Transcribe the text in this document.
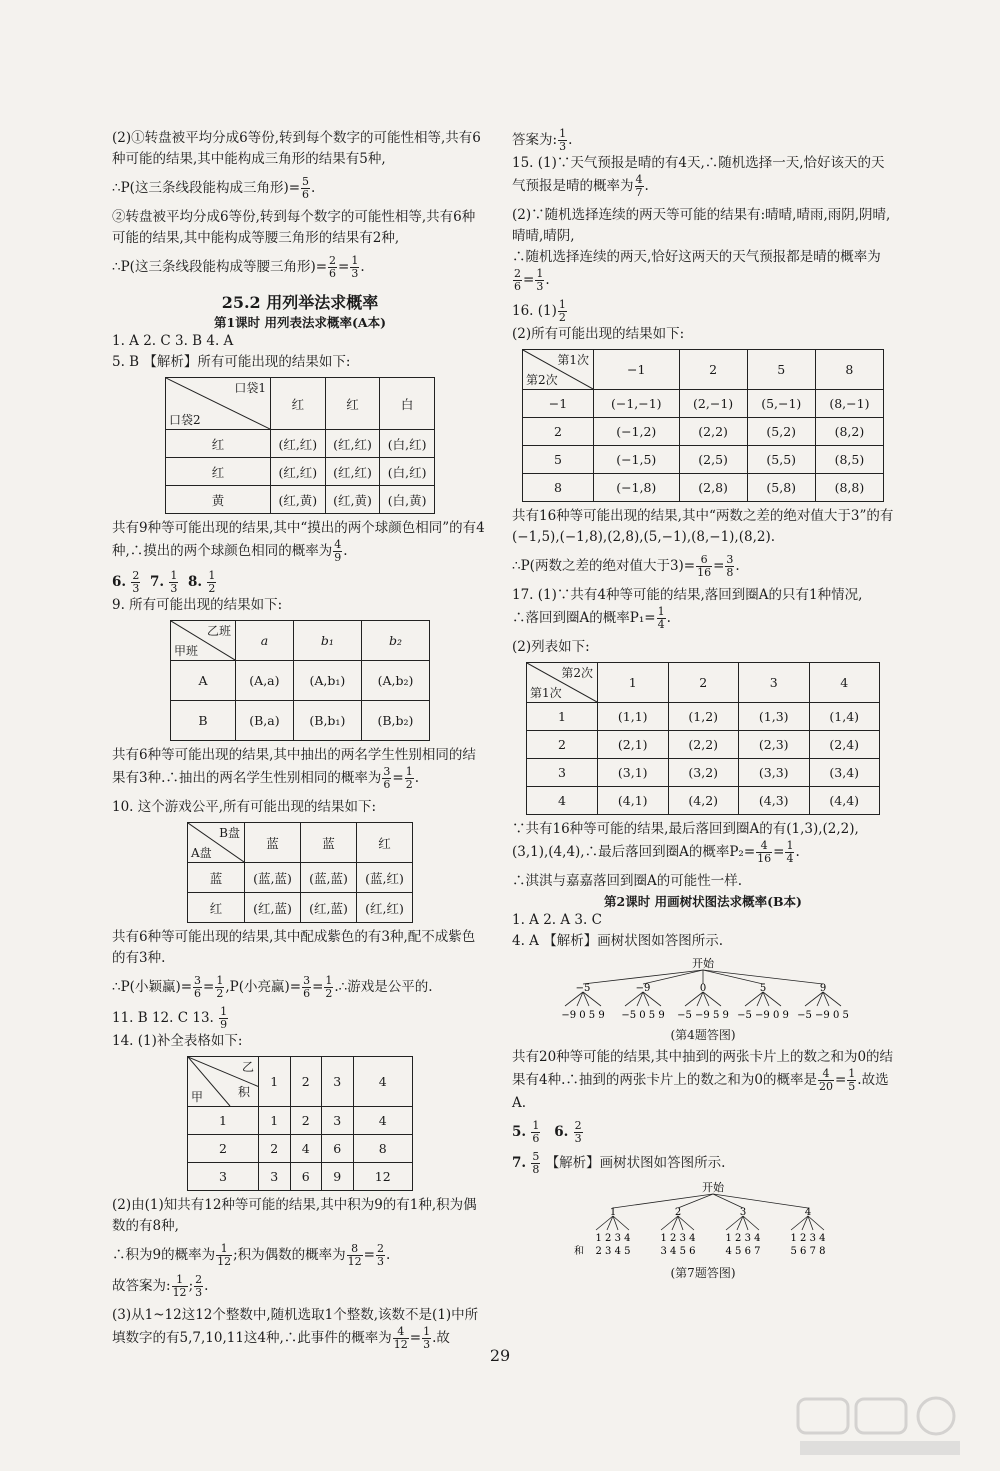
(2)①转盘被平均分成6等份,转到每个数字的可能性相等,共有6种可能的结果,其中能构成三角形的结果有5种,

∴P(这三条线段能构成三角形)= $\frac{5}{6}$ .

②转盘被平均分成6等份,转到每个数字的可能性相等,共有6种可能的结果,其中能构成等腰三角形的结果有2种,

∴P(这三条线段能构成等腰三角形)= $\frac{2}{6} = \frac{1}{3}$ .

25.2 用列举法求概率
第1课时 用列表法求概率(A本)

1. A 2. C 3. B 4. A

5. B 【解析】所有可能出现的结果如下:

口袋1
口袋2	红	红	白
红	(红,红)	(红,红)	(白,红)
红	(红,红)	(红,红)	(白,红)
黄	(红,黄)	(红,黄)	(白,黄)

共有9种等可能出现的结果,其中“摸出的两个球颜色相同”的有4种,∴摸出的两个球颜色相同的概率为 $\frac{4}{9}$ .

6. $\frac{2}{3} 7$. $\frac{1}{3} 8$. $\frac{1}{2}$

9. 所有可能出现的结果如下:

乙班
甲班	a	b₁	b₂
A	(A,a)	(A,b₁)	(A,b₂)
B	(B,a)	(B,b₁)	(B,b₂)

共有6种等可能出现的结果,其中抽出的两名学生性别相同的结果有3种.∴抽出的两名学生性别相同的概率为 $\frac{3}{6} = \frac{1}{2}$ .

10. 这个游戏公平,所有可能出现的结果如下:

B盘
A盘	蓝	蓝	红
蓝	(蓝,蓝)	(蓝,蓝)	(蓝,红)
红	(红,蓝)	(红,蓝)	(红,红)

共有6种等可能出现的结果,其中配成紫色的有3种,配不成紫色的有3种.

∴P(小颖赢)= $\frac{3}{6} = \frac{1}{2} ,P$(小亮赢)= $\frac{3}{6} = \frac{1}{2}$ .∴游戏是公平的.

11. B 12. C 13. $\frac{1}{9}$

14. (1)补全表格如下:

乙
积
甲	1	2	3	4
1	1	2	3	4
2	2	4	6	8
3	3	6	9	12

(2)由(1)知共有12种等可能的结果,其中积为9的有1种,积为偶数的有8种,

∴积为9的概率为 $\frac{1}{12}$ ;积为偶数的概率为 $\frac{8}{12} = \frac{2}{3}$ .

故答案为: $\frac{1}{12}$ ; $\frac{2}{3}$ .

(3)从1~12这12个整数中,随机选取1个整数,该数不是(1)中所填数字的有5,7,10,11这4种,∴此事件的概率为 $\frac{4}{12} = \frac{1}{3}$ .故

答案为: $\frac{1}{3}$ .

15. (1)∵天气预报是晴的有4天,∴随机选择一天,恰好该天的天气预报是晴的概率为 $\frac{4}{7}$ .

(2)∵随机选择连续的两天等可能的结果有:晴晴,晴雨,雨阴,阴晴,晴晴,晴阴,

∴随机选择连续的两天,恰好这两天的天气预报都是晴的概率为

$\frac{2}{6} = \frac{1}{3}$ .

16. $(1) \frac{1}{2}$

(2)所有可能出现的结果如下:

第1次
第2次	−1	2	5	8
−1	(−1,−1)	(2,−1)	(5,−1)	(8,−1)
2	(−1,2)	(2,2)	(5,2)	(8,2)
5	(−1,5)	(2,5)	(5,5)	(8,5)
8	(−1,8)	(2,8)	(5,8)	(8,8)

共有16种等可能出现的结果,其中“两数之差的绝对值大于3”的有(−1,5),(−1,8),(2,8),(5,−1),(8,−1),(8,2).

∴P(两数之差的绝对值大于$3)= \frac{6}{16} = \frac{3}{8}$ .

17. (1)∵共有4种等可能的结果,落回到圈A的只有1种情况,

∴落回到圈A的概率$P_1= \frac{1}{4}$ .

(2)列表如下:

第2次
第1次	1	2	3	4
1	(1,1)	(1,2)	(1,3)	(1,4)
2	(2,1)	(2,2)	(2,3)	(2,4)
3	(3,1)	(3,2)	(3,3)	(3,4)
4	(4,1)	(4,2)	(4,3)	(4,4)

∵共有16种等可能的结果,最后落回到圈A的有(1,3),(2,2),(3,1),(4,4),∴最后落回到圈A的概率$P_2= \frac{4}{16} = \frac{1}{4}$ .

∴淇淇与嘉嘉落回到圈A的可能性一样.

第2课时 用画树状图法求概率(B本)

1. A 2. A 3. C

4. A 【解析】画树状图如答图所示.

开始
−5	−9	0	5	9
−9 0 5 9 −5 0 5 9 −5 −9 5 9 −5 −9 0 9 −5 −9 0 5
(第4题答图)

共有20种等可能的结果,其中抽到的两张卡片上的数之和为0的结果有4种.∴抽到的两张卡片上的数之和为0的概率是 $\frac{4}{20} = \frac{1}{5}$ .故选A.

5. $\frac{1}{6} 6$. $\frac{2}{3}$

7. $\frac{5}{8}$ 【解析】画树状图如答图所示.

开始
1	2	3	4
1 2 3 4	1 2 3 4	1 2 3 4	1 2 3 4
和 2 3 4 5	3 4 5 6	4 5 6 7	5 6 7 8
(第7题答图)
29
